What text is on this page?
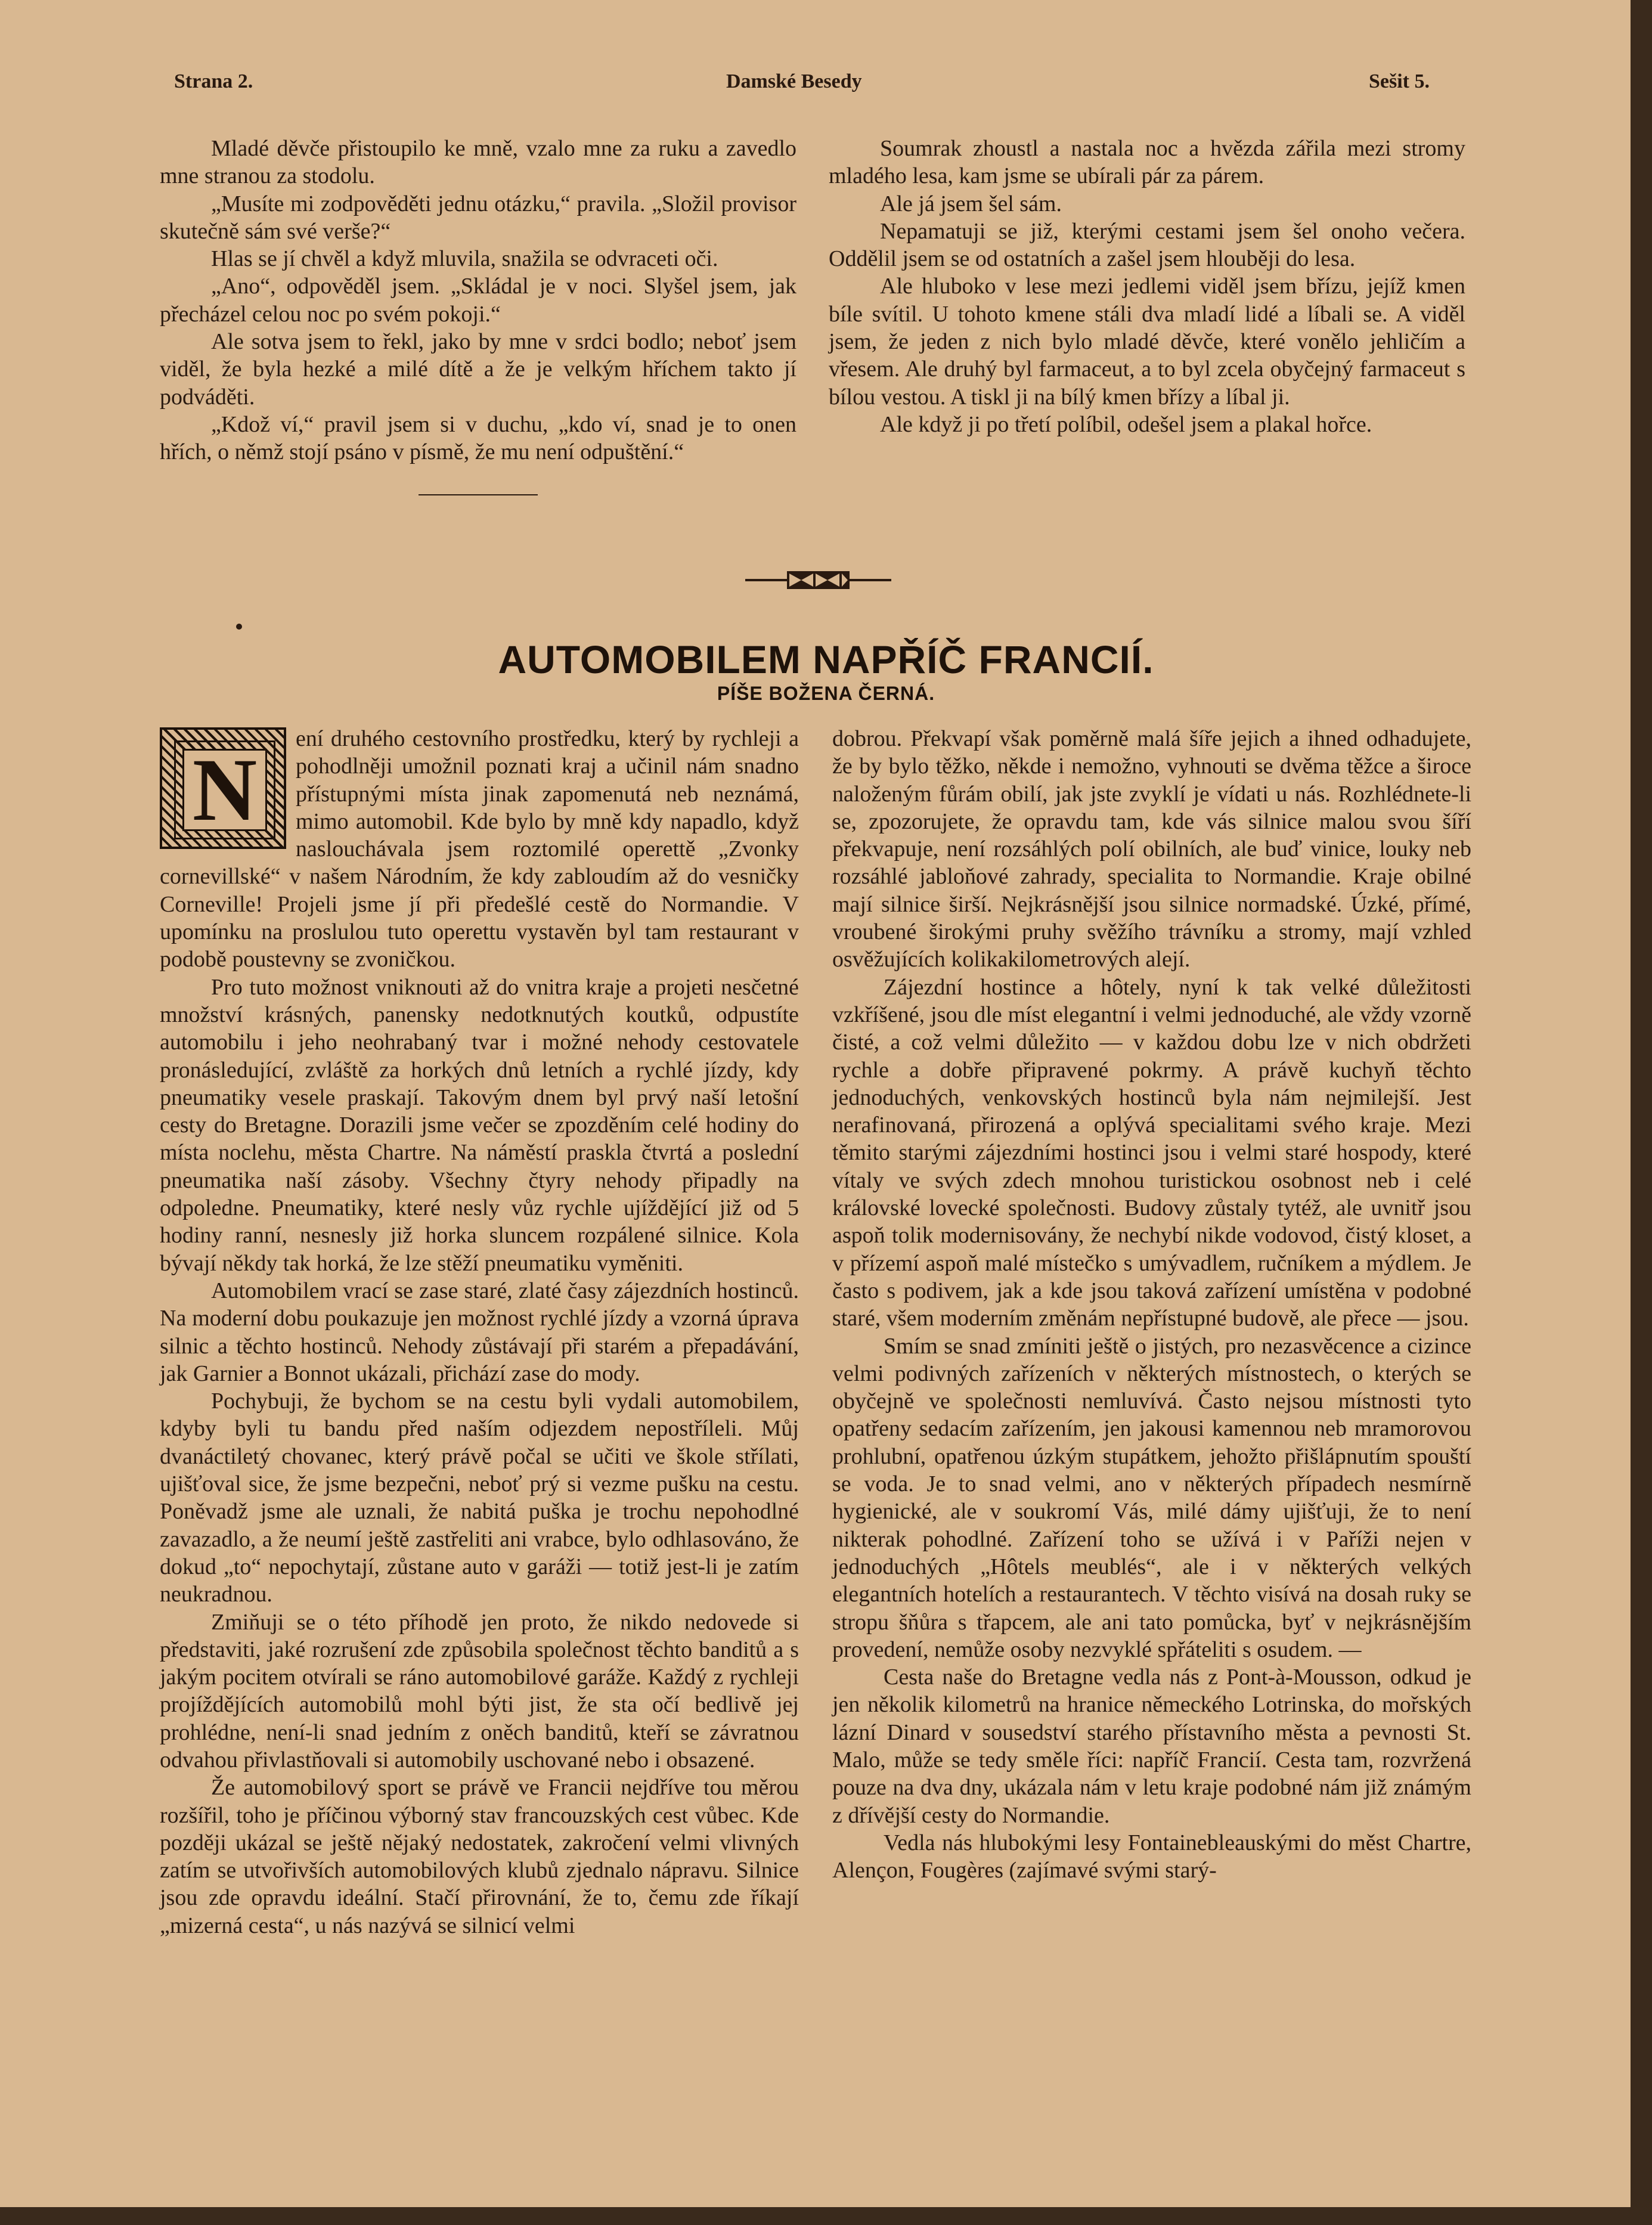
Strana 2.	Damské Besedy	Sešit 5.

Mladé děvče přistoupilo ke mně, vzalo mne za ruku a zavedlo mne stranou za stodolu.

„Musíte mi zodpověděti jednu otázku,“ pravila. „Složil provisor skutečně sám své verše?“

Hlas se jí chvěl a když mluvila, snažila se odvraceti oči.

„Ano“, odpověděl jsem. „Skládal je v noci. Slyšel jsem, jak přecházel celou noc po svém pokoji.“

Ale sotva jsem to řekl, jako by mne v srdci bodlo; neboť jsem viděl, že byla hezké a milé dítě a že je velkým hříchem takto jí podváděti.

„Kdož ví,“ pravil jsem si v duchu, „kdo ví, snad je to onen hřích, o němž stojí psáno v písmě, že mu není odpuštění.“

Soumrak zhoustl a nastala noc a hvězda zářila mezi stromy mladého lesa, kam jsme se ubírali pár za párem.

Ale já jsem šel sám.

Nepamatuji se již, kterými cestami jsem šel onoho večera. Oddělil jsem se od ostatních a zašel jsem hlouběji do lesa.

Ale hluboko v lese mezi jedlemi viděl jsem břízu, jejíž kmen bíle svítil. U tohoto kmene stáli dva mladí lidé a líbali se. A viděl jsem, že jeden z nich bylo mladé děvče, které vonělo jehličím a vřesem. Ale druhý byl farmaceut, a to byl zcela obyčejný farmaceut s bílou vestou. A tiskl ji na bílý kmen břízy a líbal ji.

Ale když ji po třetí políbil, odešel jsem a plakal hořce.

AUTOMOBILEM NAPŘÍČ FRANCIÍ.
PÍŠE BOŽENA ČERNÁ.
N

ení druhého cestovního prostředku, který by rychleji a pohodlněji umožnil poznati kraj a učinil nám snadno přístupnými místa jinak zapomenutá neb neznámá, mimo automobil. Kde bylo by mně kdy napadlo, když naslouchávala jsem roztomilé operettě „Zvonky cornevillské“ v našem Národním, že kdy zabloudím až do vesničky Corneville! Projeli jsme jí při předešlé cestě do Normandie. V upomínku na proslulou tuto operettu vystavěn byl tam restaurant v podobě poustevny se zvoničkou.

Pro tuto možnost vniknouti až do vnitra kraje a projeti nesčetné množství krásných, panensky nedotknutých koutků, odpustíte automobilu i jeho neohrabaný tvar i možné nehody cestovatele pronásledující, zvláště za horkých dnů letních a rychlé jízdy, kdy pneumatiky vesele praskají. Takovým dnem byl prvý naší letošní cesty do Bretagne. Dorazili jsme večer se zpozděním celé hodiny do místa noclehu, města Chartre. Na náměstí praskla čtvrtá a poslední pneumatika naší zásoby. Všechny čtyry nehody připadly na odpoledne. Pneumatiky, které nesly vůz rychle ujíždějící již od 5 hodiny ranní, nesnesly již horka sluncem rozpálené silnice. Kola bývají někdy tak horká, že lze stěží pneumatiku vyměniti.

Automobilem vrací se zase staré, zlaté časy zájezdních hostinců. Na moderní dobu poukazuje jen možnost rychlé jízdy a vzorná úprava silnic a těchto hostinců. Nehody zůstávají při starém a přepadávání, jak Garnier a Bonnot ukázali, přichází zase do mody.

Pochybuji, že bychom se na cestu byli vydali automobilem, kdyby byli tu bandu před naším odjezdem nepostříleli. Můj dvanáctiletý chovanec, který právě počal se učiti ve škole střílati, ujišťoval sice, že jsme bezpečni, neboť prý si vezme pušku na cestu. Poněvadž jsme ale uznali, že nabitá puška je trochu nepohodlné zavazadlo, a že neumí ještě zastřeliti ani vrabce, bylo odhlasováno, že dokud „to“ nepochytají, zůstane auto v garáži — totiž jest-li je zatím neukradnou.

Zmiňuji se o této příhodě jen proto, že nikdo nedovede si představiti, jaké rozrušení zde způsobila společnost těchto banditů a s jakým pocitem otvírali se ráno automobilové garáže. Každý z rychleji projíždějících automobilů mohl býti jist, že sta očí bedlivě jej prohlédne, není-li snad jedním z oněch banditů, kteří se závratnou odvahou přivlastňovali si automobily uschované nebo i obsazené.

Že automobilový sport se právě ve Francii nejdříve tou měrou rozšířil, toho je příčinou výborný stav francouzských cest vůbec. Kde později ukázal se ještě nějaký nedostatek, zakročení velmi vlivných zatím se utvořivších automobilových klubů zjednalo nápravu. Silnice jsou zde opravdu ideální. Stačí přirovnání, že to, čemu zde říkají „mizerná cesta“, u nás nazývá se silnicí velmi

dobrou. Překvapí však poměrně malá šíře jejich a ihned odhadujete, že by bylo těžko, někde i nemožno, vyhnouti se dvěma těžce a široce naloženým fůrám obilí, jak jste zvyklí je vídati u nás. Rozhlédnete-li se, zpozorujete, že opravdu tam, kde vás silnice malou svou šíří překvapuje, není rozsáhlých polí obilních, ale buď vinice, louky neb rozsáhlé jabloňové zahrady, specialita to Normandie. Kraje obilné mají silnice širší. Nejkrásnější jsou silnice normadské. Úzké, přímé, vroubené širokými pruhy svěžího trávníku a stromy, mají vzhled osvěžujících kolikakilometrových alejí.

Zájezdní hostince a hôtely, nyní k tak velké důležitosti vzkříšené, jsou dle míst elegantní i velmi jednoduché, ale vždy vzorně čisté, a což velmi důležito — v každou dobu lze v nich obdržeti rychle a dobře připravené pokrmy. A právě kuchyň těchto jednoduchých, venkovských hostinců byla nám nejmilejší. Jest nerafinovaná, přirozená a oplývá specialitami svého kraje. Mezi těmito starými zájezdními hostinci jsou i velmi staré hospody, které vítaly ve svých zdech mnohou turistickou osobnost neb i celé královské lovecké společnosti. Budovy zůstaly tytéž, ale uvnitř jsou aspoň tolik modernisovány, že nechybí nikde vodovod, čistý kloset, a v přízemí aspoň malé místečko s umývadlem, ručníkem a mýdlem. Je často s podivem, jak a kde jsou taková zařízení umístěna v podobné staré, všem moderním změnám nepřístupné budově, ale přece — jsou.

Smím se snad zmíniti ještě o jistých, pro nezasvěcence a cizince velmi podivných zařízeních v některých místnostech, o kterých se obyčejně ve společnosti nemluvívá. Často nejsou místnosti tyto opatřeny sedacím zařízením, jen jakousi kamennou neb mramorovou prohlubní, opatřenou úzkým stupátkem, jehožto přišlápnutím spouští se voda. Je to snad velmi, ano v některých případech nesmírně hygienické, ale v soukromí Vás, milé dámy ujišťuji, že to není nikterak pohodlné. Zařízení toho se užívá i v Paříži nejen v jednoduchých „Hôtels meublés“, ale i v některých velkých elegantních hotelích a restaurantech. V těchto visívá na dosah ruky se stropu šňůra s třapcem, ale ani tato pomůcka, byť v nejkrásnějším provedení, nemůže osoby nezvyklé spřáteliti s osudem. —

Cesta naše do Bretagne vedla nás z Pont-à-Mousson, odkud je jen několik kilometrů na hranice německého Lotrinska, do mořských lázní Dinard v sousedství starého přístavního města a pevnosti St. Malo, může se tedy směle říci: napříč Francií. Cesta tam, rozvržená pouze na dva dny, ukázala nám v letu kraje podobné nám již známým z dřívější cesty do Normandie.

Vedla nás hlubokými lesy Fontainebleauskými do měst Chartre, Alençon, Fougères (zajímavé svými starý-
